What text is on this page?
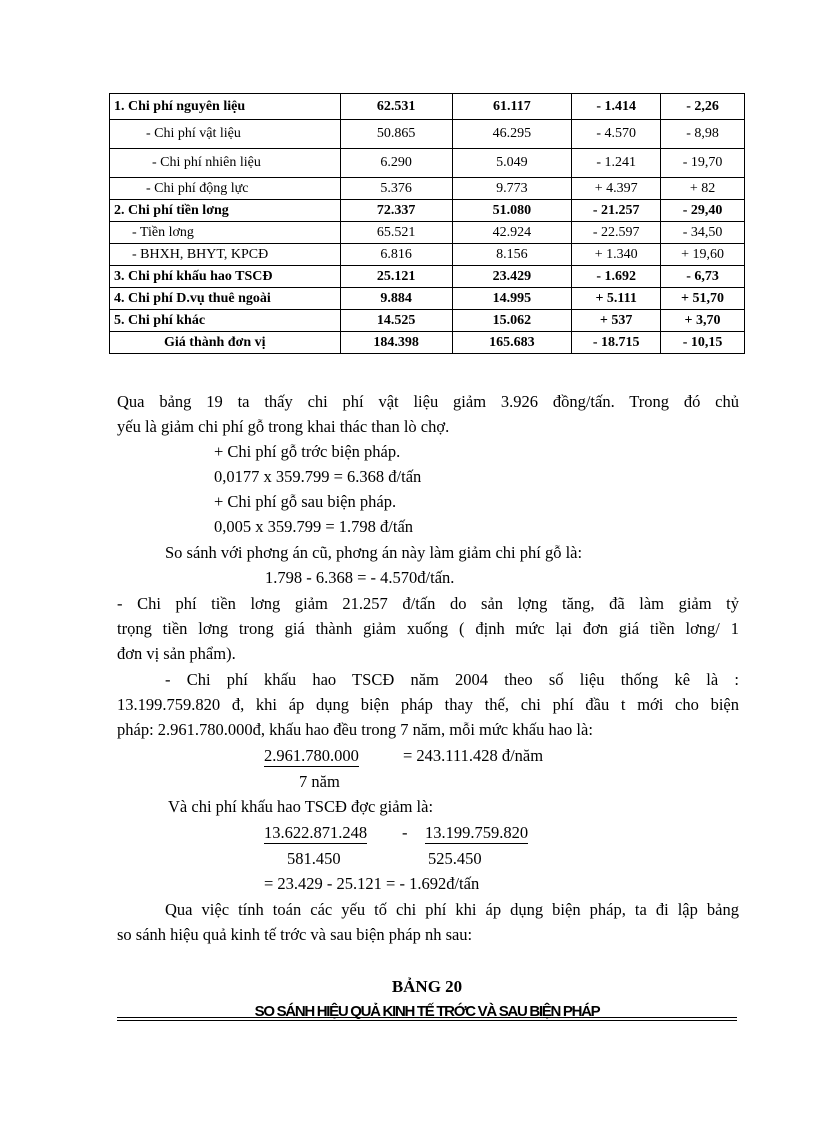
1. Chi phí nguyên liệu	62.531	61.117	- 1.414	- 2,26
- Chi phí vật liệu	50.865	46.295	- 4.570	- 8,98
- Chi phí nhiên liệu	6.290	5.049	- 1.241	- 19,70
- Chi phí động lực	5.376	9.773	+ 4.397	+ 82
2. Chi phí tiền lơng	72.337	51.080	- 21.257	- 29,40
- Tiền lơng	65.521	42.924	- 22.597	- 34,50
- BHXH, BHYT, KPCĐ	6.816	8.156	+ 1.340	+ 19,60
3. Chi phí khấu hao TSCĐ	25.121	23.429	- 1.692	- 6,73
4. Chi phí D.vụ thuê ngoài	9.884	14.995	+ 5.111	+ 51,70
5. Chi phí khác	14.525	15.062	+ 537	+ 3,70
Giá thành đơn vị	184.398	165.683	- 18.715	- 10,15
Qua bảng 19 ta thấy chi phí vật liệu giảm 3.926 đồng/tấn. Trong đó chủ
yếu là giảm chi phí gỗ trong khai thác than lò chợ.
+ Chi phí gỗ trớc biện pháp.
0,0177 x 359.799 = 6.368 đ/tấn
+ Chi phí gỗ sau biện pháp.
0,005 x 359.799 = 1.798 đ/tấn
So sánh với phơng án cũ, phơng án này làm giảm chi phí gỗ là:
1.798 - 6.368 = - 4.570đ/tấn.
- Chi phí tiền lơng giảm 21.257 đ/tấn do sản lợng tăng, đã làm giảm tỷ
trọng tiền lơng trong giá thành giảm xuống ( định mức lại đơn giá tiền lơng/ 1
đơn vị sản phẩm).
- Chi phí khấu hao TSCĐ năm 2004 theo số liệu thống kê là :
13.199.759.820 đ, khi áp dụng biện pháp thay thế, chi phí đầu t mới cho biện
pháp: 2.961.780.000đ, khấu hao đều trong 7 năm, mỗi mức khấu hao là:
2.961.780.000	= 243.111.428 đ/năm
7 năm
Và chi phí khấu hao TSCĐ đợc giảm là:
13.622.871.248 - 13.199.759.820
581.450	525.450
= 23.429 - 25.121 = - 1.692đ/tấn
Qua việc tính toán các yếu tố chi phí khi áp dụng biện pháp, ta đi lập bảng
so sánh hiệu quả kinh tế trớc và sau biện pháp nh sau:
BẢNG 20
SO SÁNH HIỆU QUẢ KINH TẾ TRỚC VÀ SAU BIỆN PHÁP
